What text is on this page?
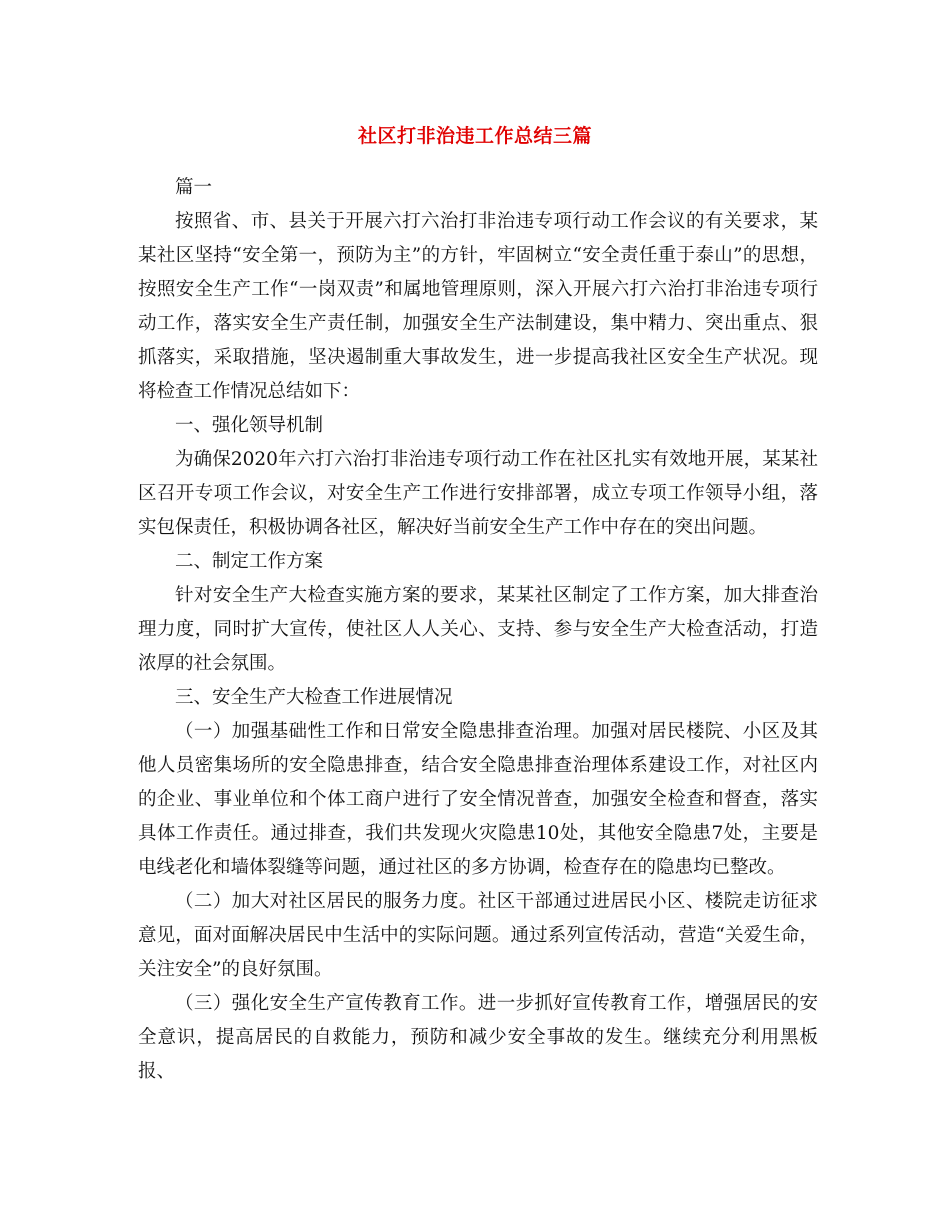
社区打非治违工作总结三篇

篇一

按照省、市、县关于开展六打六治打非治违专项行动工作会议的有关要求，某某社区坚持“安全第一，预防为主”的方针，牢固树立“安全责任重于泰山”的思想，按照安全生产工作“一岗双责”和属地管理原则，深入开展六打六治打非治违专项行动工作，落实安全生产责任制，加强安全生产法制建设，集中精力、突出重点、狠抓落实，采取措施，坚决遏制重大事故发生，进一步提高我社区安全生产状况。现将检查工作情况总结如下：

一、强化领导机制

为确保2020年六打六治打非治违专项行动工作在社区扎实有效地开展，某某社区召开专项工作会议，对安全生产工作进行安排部署，成立专项工作领导小组，落实包保责任，积极协调各社区，解决好当前安全生产工作中存在的突出问题。

二、制定工作方案

针对安全生产大检查实施方案的要求，某某社区制定了工作方案，加大排查治理力度，同时扩大宣传，使社区人人关心、支持、参与安全生产大检查活动，打造浓厚的社会氛围。

三、安全生产大检查工作进展情况

（一）加强基础性工作和日常安全隐患排查治理。加强对居民楼院、小区及其他人员密集场所的安全隐患排查，结合安全隐患排查治理体系建设工作，对社区内的企业、事业单位和个体工商户进行了安全情况普查，加强安全检查和督查，落实具体工作责任。通过排查，我们共发现火灾隐患10处，其他安全隐患7处，主要是电线老化和墙体裂缝等问题，通过社区的多方协调，检查存在的隐患均已整改。

（二）加大对社区居民的服务力度。社区干部通过进居民小区、楼院走访征求意见，面对面解决居民中生活中的实际问题。通过系列宣传活动，营造“关爱生命，关注安全”的良好氛围。

（三）强化安全生产宣传教育工作。进一步抓好宣传教育工作，增强居民的安全意识，提高居民的自救能力，预防和减少安全事故的发生。继续充分利用黑板报、
